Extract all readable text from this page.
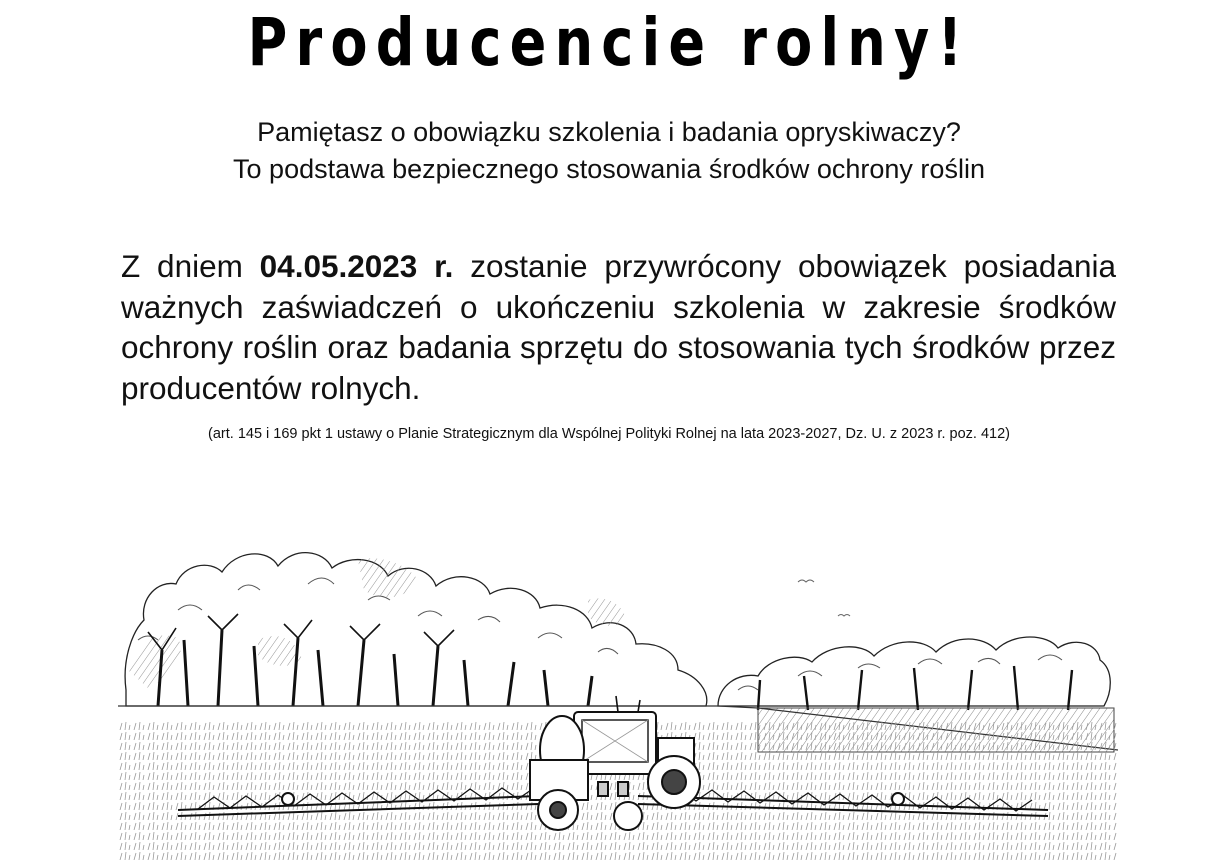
Producencie rolny!
Pamiętasz o obowiązku szkolenia i badania opryskiwaczy?
To podstawa bezpiecznego stosowania środków ochrony roślin
Z dniem 04.05.2023 r. zostanie przywrócony obowiązek posiadania ważnych zaświadczeń o ukończeniu szkolenia w zakresie środków ochrony roślin oraz badania sprzętu do stosowania tych środków przez producentów rolnych.
(art. 145 i 169 pkt 1 ustawy o Planie Strategicznym dla Wspólnej Polityki Rolnej na lata 2023-2027, Dz. U. z 2023 r. poz. 412)
